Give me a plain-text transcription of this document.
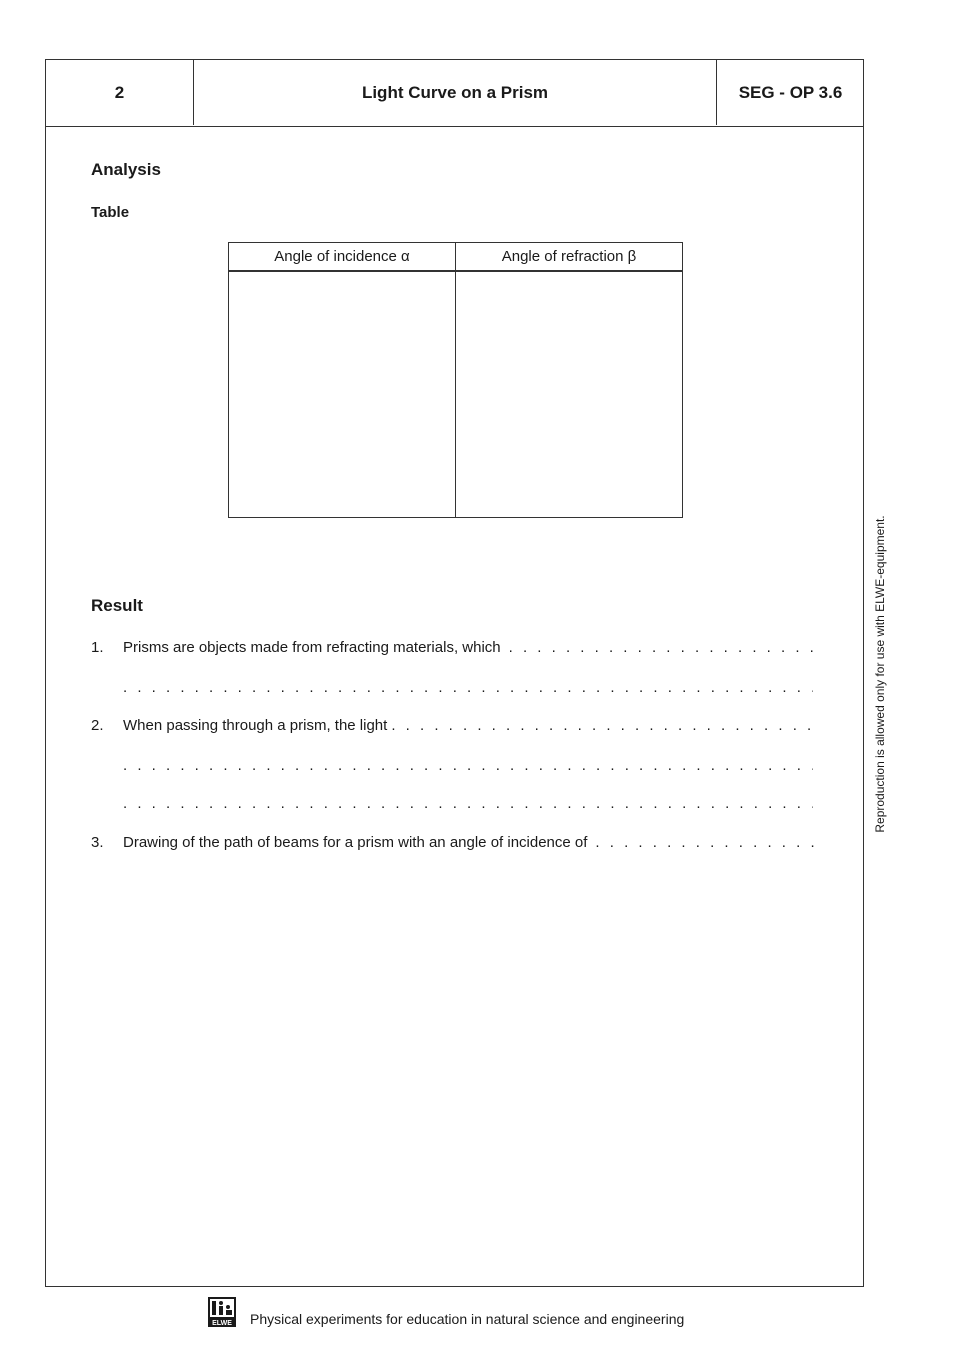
2	Light Curve on a Prism	SEG - OP 3.6
Analysis
Table
Angle of incidence α	Angle of refraction β

Result
1.	Prisms are objects made from refracting materials, which
. . .
. . .
2.	When passing through a prism, the light
. . .
. . .
. . .
3.	Drawing of the path of beams for a prism with an angle of incidence of
. . .
Reproduction is allowed only for use with ELWE-equipment.
ELWE Physical experiments for education in natural science and engineering
